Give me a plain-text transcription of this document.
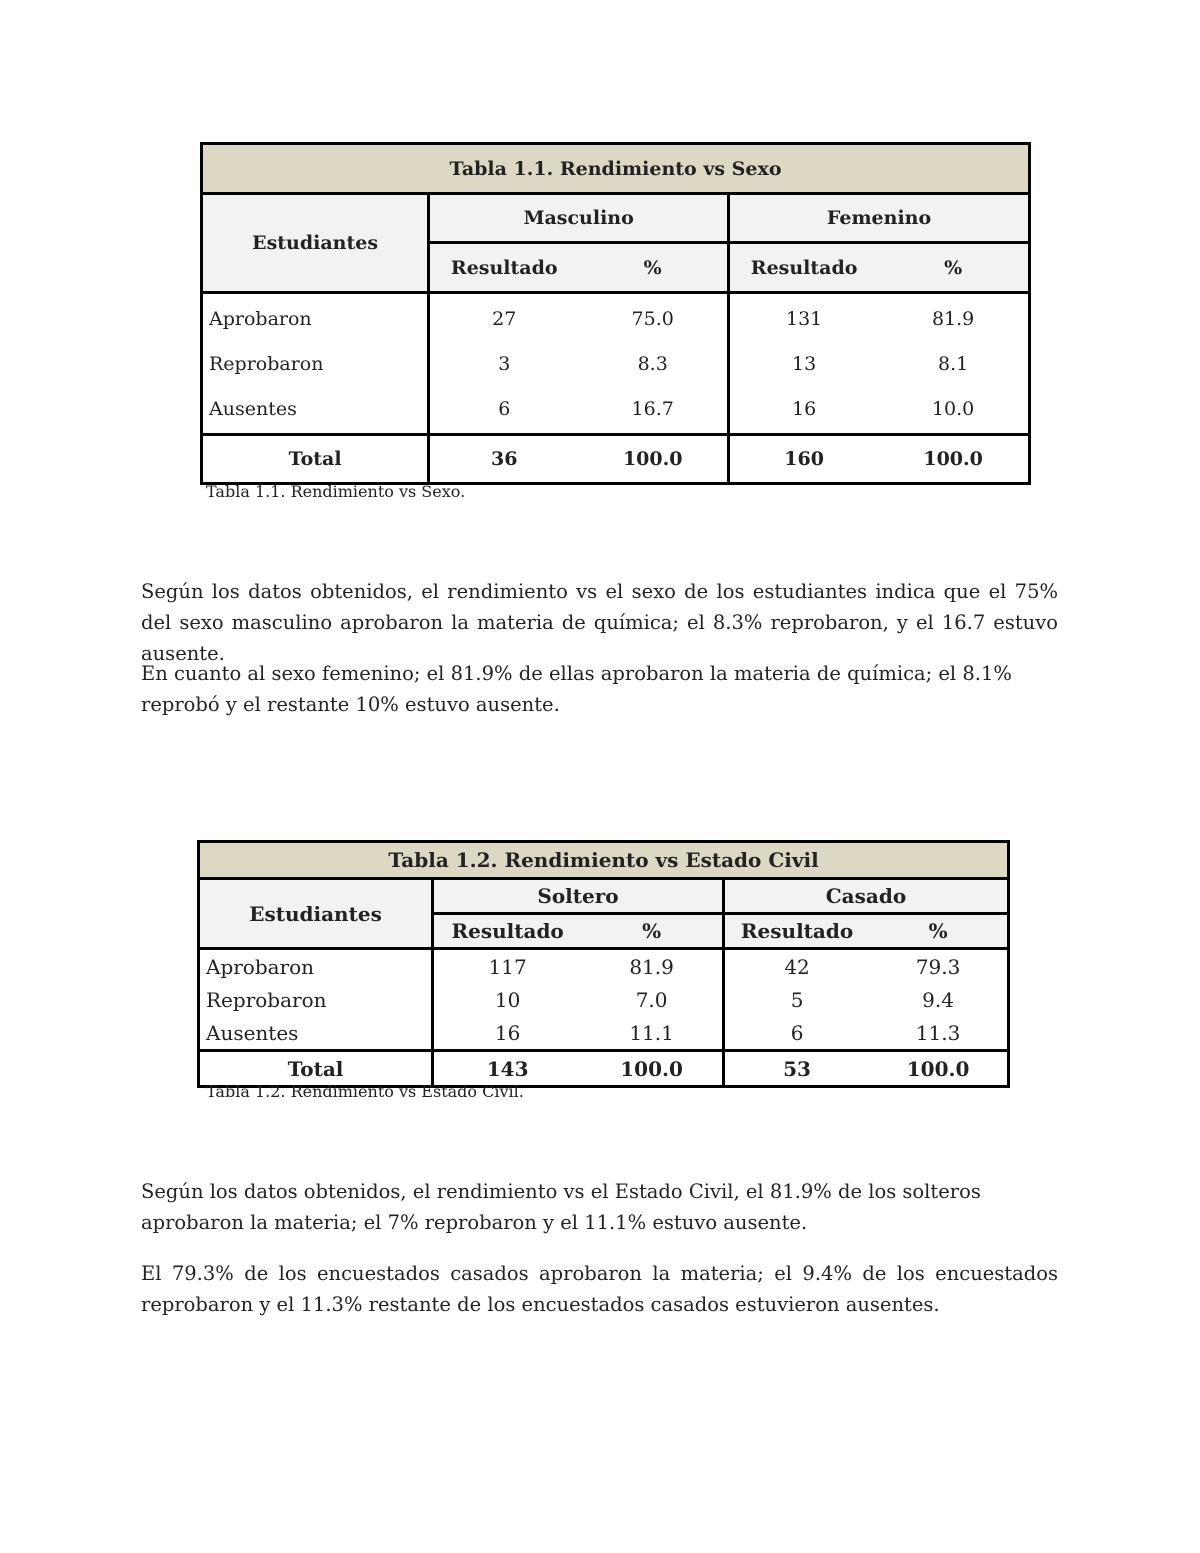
Tabla 1.1. Rendimiento vs Sexo				
Estudiantes	Masculino		Femenino	
	Resultado	%	Resultado	%
Aprobaron	27	75.0	131	81.9
Reprobaron	3	8.3	13	8.1
Ausentes	6	16.7	16	10.0
Total	36	100.0	160	100.0
Tabla 1.1. Rendimiento vs Sexo.

Según los datos obtenidos, el rendimiento vs el sexo de los estudiantes indica que el 75% del sexo masculino aprobaron la materia de química; el 8.3% reprobaron, y el 16.7 estuvo ausente.

En cuanto al sexo femenino; el 81.9% de ellas aprobaron la materia de química; el 8.1% reprobó y el restante 10% estuvo ausente.

Tabla 1.2. Rendimiento vs Estado Civil				
Estudiantes	Soltero		Casado	
	Resultado	%	Resultado	%
Aprobaron	117	81.9	42	79.3
Reprobaron	10	7.0	5	9.4
Ausentes	16	11.1	6	11.3
Total	143	100.0	53	100.0
Tabla 1.2. Rendimiento vs Estado Civil.

Según los datos obtenidos, el rendimiento vs el Estado Civil, el 81.9% de los solteros aprobaron la materia; el 7% reprobaron y el 11.1% estuvo ausente.

El 79.3% de los encuestados casados aprobaron la materia; el 9.4% de los encuestados reprobaron y el 11.3% restante de los encuestados casados estuvieron ausentes.
